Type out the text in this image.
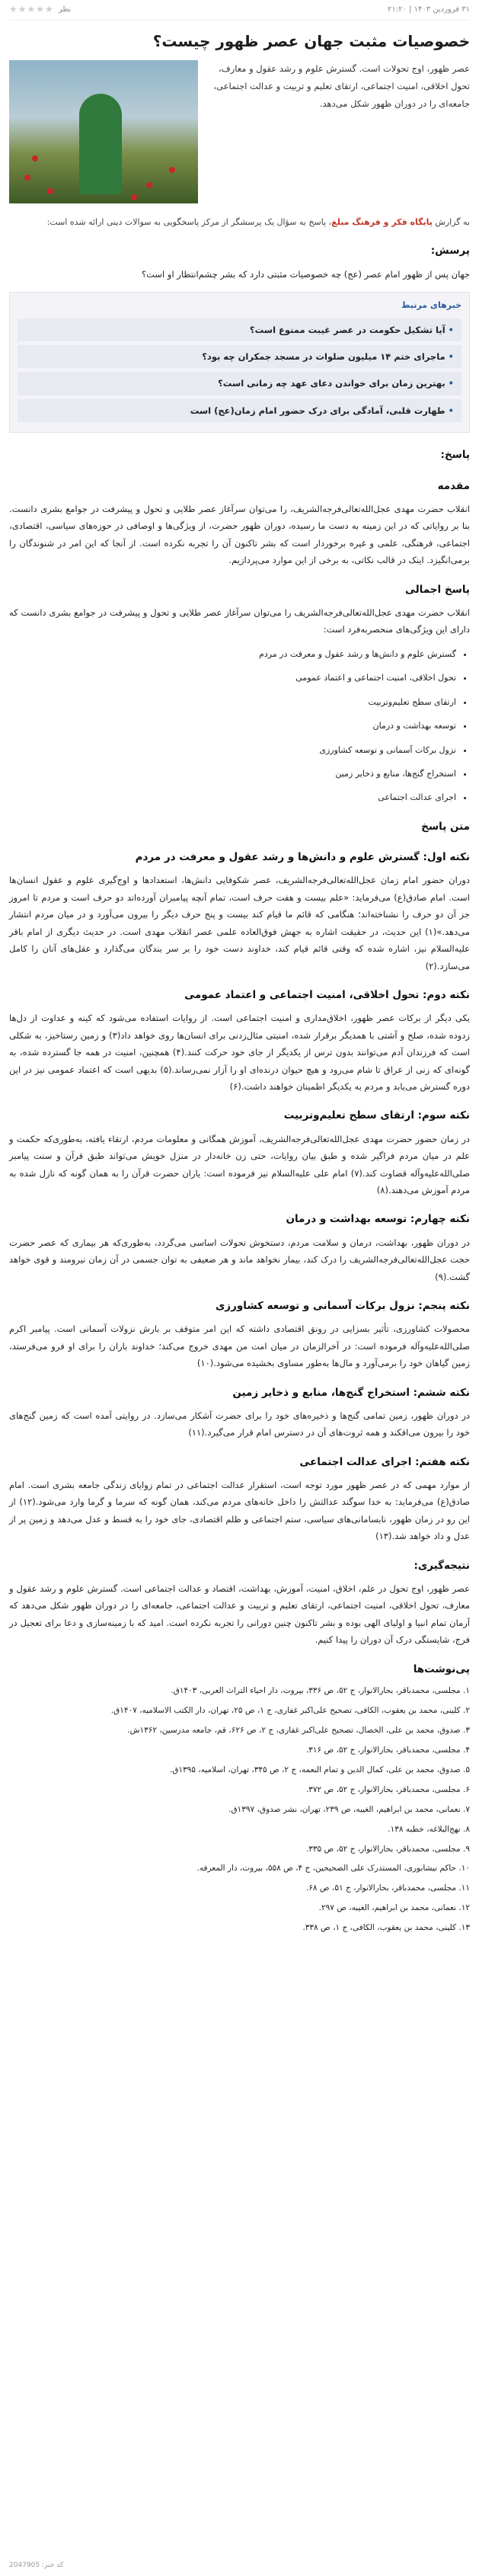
۳۱ فروردین ۱۴۰۳ | ۲۱:۲۰
نظر
★★★★★
خصوصیات مثبت جهان عصر ظهور چیست؟
عصر ظهور، اوج تحولات است. گسترش علوم و رشد عقول و معارف، تحول اخلاقی، امنیت اجتماعی، ارتقای تعلیم و تربیت و عدالت اجتماعی، جامعه‌ای را در دوران ظهور شکل می‌دهد.

به گزارش پایگاه فکر و فرهنگ مبلغ، پاسخ به سؤال یک پرسشگر از مرکز پاسخگویی به سوالات دینی ارائه شده است:

پرسش:

جهان پس از ظهور امام عصر (عج) چه خصوصیات مثبتی دارد که بشر چشم‌انتظار او است؟

خبرهای مرتبط
• آیا تشکیل حکومت در عصر غیبت ممنوع است؟
• ماجرای ختم ۱۴ میلیون صلوات در مسجد جمکران چه بود؟
• بهترین زمان برای خواندن دعای عهد چه زمانی است؟
• طهارت قلبی، آمادگی برای درک حضور امام زمان(عج) است
پاسخ:
مقدمه

انقلاب حضرت مهدی عجل‌الله‌تعالی‌فرجه‌الشریف، را می‌توان سرآغاز عصر طلایی و تحول و پیشرفت در جوامع بشری دانست. بنا بر روایاتی که در این زمینه به دست ما رسیده، دوران ظهور حضرت، از ویژگی‌ها و اوصافی در حوزه‌های سیاسی، اقتصادی، اجتماعی، فرهنگی، علمی و غیره برخوردار است که بشر تاکنون آن را تجربه نکرده است. از آنجا که این امر در شنوندگان را برمی‌انگیزد. اینک در قالب نکاتی، به برخی از این موارد می‌پردازیم.

پاسخ اجمالی

انقلاب حضرت مهدی عجل‌الله‌تعالی‌فرجه‌الشریف را می‌توان سرآغاز عصر طلایی و تحول و پیشرفت در جوامع بشری دانست که دارای این ویژگی‌های منحصربه‌فرد است:

• گسترش علوم و دانش‌ها و رشد عقول و معرفت در مردم
• تحول اخلاقی، امنیت اجتماعی و اعتماد عمومی
• ارتقای سطح تعلیم‌وتربیت
• توسعه بهداشت و درمان
• نزول برکات آسمانی و توسعه کشاورزی
• استخراج گنج‌ها، منابع و ذخایر زمین
• اجرای عدالت اجتماعی
متن پاسخ
نکته اول: گسترش علوم و دانش‌ها و رشد عقول و معرفت در مردم

دوران حضور امام زمان عجل‌الله‌تعالی‌فرجه‌الشریف، عصر شکوفایی دانش‌ها، استعدادها و اوج‌گیری علوم و عقول انسان‌ها است. امام صادق(ع) می‌فرماید: «علم بیست و هفت حرف است، تمام آنچه پیامبران آورده‌اند دو حرف است و مردم تا امروز جز آن دو حرف را نشناخته‌اند؛ هنگامی که قائم ما قیام کند بیست و پنج حرف دیگر را بیرون می‌آورد و در میان مردم انتشار می‌دهد.»(۱) این حدیث، در حقیقت اشاره به جهش فوق‌العاده علمی عصر انقلاب مهدی است. در حدیث دیگری از امام باقر علیه‌السلام نیز، اشاره شده که وقتی قائم قیام کند، خداوند دست خود را بر سر بندگان می‌گذارد و عقل‌های آنان را کامل می‌سازد.(۲)

نکته دوم: تحول اخلاقی، امنیت اجتماعی و اعتماد عمومی

یکی دیگر از برکات عصر ظهور، اخلاق‌مداری و امنیت اجتماعی است. از روایات استفاده می‌شود که کینه و عداوت از دل‌ها زدوده شده، صلح و آشتی با همدیگر برقرار شده، امنیتی مثال‌زدنی برای انسان‌ها روی خواهد داد(۳) و زمین رستاخیز، به شکلی است که فرزندان آدم می‌توانند بدون ترس از یکدیگر از جای خود حرکت کنند.(۴) همچنین، امنیت در همه جا گسترده شده، به گونه‌ای که زنی از عراق تا شام می‌رود و هیچ حیوان درنده‌ای او را آزار نمی‌رساند.(۵) بدیهی است که اعتماد عمومی نیز در این دوره گسترش می‌یابد و مردم به یکدیگر اطمینان خواهند داشت.(۶)

نکته سوم: ارتقای سطح تعلیم‌وتربیت

در زمان حضور حضرت مهدی عجل‌الله‌تعالی‌فرجه‌الشریف، آموزش همگانی و معلومات مردم، ارتقاء یافته، به‌طوری‌که حکمت و علم در میان مردم فراگیر شده و طبق بیان روایات، حتی زن خانه‌دار در منزل خویش می‌تواند طبق قرآن و سنت پیامبر صلی‌الله‌علیه‌وآله قضاوت کند.(۷) امام علی علیه‌السلام نیز فرموده است: یاران حضرت قرآن را به همان گونه که نازل شده به مردم آموزش می‌دهند.(۸)

نکته چهارم: توسعه بهداشت و درمان

در دوران ظهور، بهداشت، درمان و سلامت مردم، دستخوش تحولات اساسی می‌گردد، به‌طوری‌که هر بیماری که عصر حضرت حجت عجل‌الله‌تعالی‌فرجه‌الشریف را درک کند، بیمار نخواهد ماند و هر ضعیفی به توان جسمی در آن زمان نیرومند و قوی خواهد گشت.(۹)

نکته پنجم: نزول برکات آسمانی و توسعه کشاورزی

محصولات کشاورزی، تأثیر بسزایی در رونق اقتصادی داشته که این امر متوقف بر بارش نزولات آسمانی است. پیامبر اکرم صلی‌الله‌علیه‌وآله فرموده است: در آخرالزمان در میان امت من مهدی خروج می‌کند؛ خداوند باران را برای او فرو می‌فرستد، زمین گیاهان خود را برمی‌آورد و مال‌ها به‌طور مساوی بخشیده می‌شود.(۱۰)

نکته ششم: استخراج گنج‌ها، منابع و ذخایر زمین

در دوران ظهور، زمین تمامی گنج‌ها و ذخیره‌های خود را برای حضرت آشکار می‌سازد. در روایتی آمده است که زمین گنج‌های خود را بیرون می‌افکند و همه ثروت‌های آن در دسترس امام قرار می‌گیرد.(۱۱)

نکته هفتم: اجرای عدالت اجتماعی

از موارد مهمی که در عصر ظهور مورد توجه است، استقرار عدالت اجتماعی در تمام زوایای زندگی جامعه بشری است. امام صادق(ع) می‌فرماید: به خدا سوگند عدالتش را داخل خانه‌های مردم می‌کند، همان گونه که سرما و گرما وارد می‌شود.(۱۲) از این رو در زمان ظهور، نابسامانی‌های سیاسی، ستم اجتماعی و ظلم اقتصادی، جای خود را به قسط و عدل می‌دهد و زمین پر از عدل و داد خواهد شد.(۱۳)

نتیجه‌گیری:

عصر ظهور، اوج تحول در علم، اخلاق، امنیت، آموزش، بهداشت، اقتصاد و عدالت اجتماعی است. گسترش علوم و رشد عقول و معارف، تحول اخلاقی، امنیت اجتماعی، ارتقای تعلیم و تربیت و عدالت اجتماعی، جامعه‌ای را در دوران ظهور شکل می‌دهد که آرمان تمام انبیا و اولیای الهی بوده و بشر تاکنون چنین دورانی را تجربه نکرده است. امید که با زمینه‌سازی و دعا برای تعجیل در فرج، شایستگی درک آن دوران را پیدا کنیم.

پی‌نوشت‌ها

۱. مجلسی، محمدباقر، بحارالانوار، ج ۵۲، ص ۳۳۶، بیروت، دار احیاء التراث العربی، ۱۴۰۳ق.

۲. کلینی، محمد بن یعقوب، الکافی، تصحیح علی‌اکبر غفاری، ج ۱، ص ۲۵، تهران، دار الکتب الاسلامیه، ۱۴۰۷ق.

۳. صدوق، محمد بن علی، الخصال، تصحیح علی‌اکبر غفاری، ج ۲، ص ۶۲۶، قم، جامعه مدرسین، ۱۳۶۲ش.

۴. مجلسی، محمدباقر، بحارالانوار، ج ۵۲، ص ۳۱۶.

۵. صدوق، محمد بن علی، کمال الدین و تمام النعمه، ج ۲، ص ۳۴۵، تهران، اسلامیه، ۱۳۹۵ق.

۶. مجلسی، محمدباقر، بحارالانوار، ج ۵۲، ص ۳۷۲.

۷. نعمانی، محمد بن ابراهیم، الغیبه، ص ۲۳۹، تهران، نشر صدوق، ۱۳۹۷ق.

۸. نهج‌البلاغه، خطبه ۱۳۸.

۹. مجلسی، محمدباقر، بحارالانوار، ج ۵۲، ص ۳۳۵.

۱۰. حاکم نیشابوری، المستدرک علی الصحیحین، ج ۴، ص ۵۵۸، بیروت، دار المعرفه.

۱۱. مجلسی، محمدباقر، بحارالانوار، ج ۵۱، ص ۶۸.

۱۲. نعمانی، محمد بن ابراهیم، الغیبه، ص ۲۹۷.

۱۳. کلینی، محمد بن یعقوب، الکافی، ج ۱، ص ۳۳۸.

کد خبر: 2047905
